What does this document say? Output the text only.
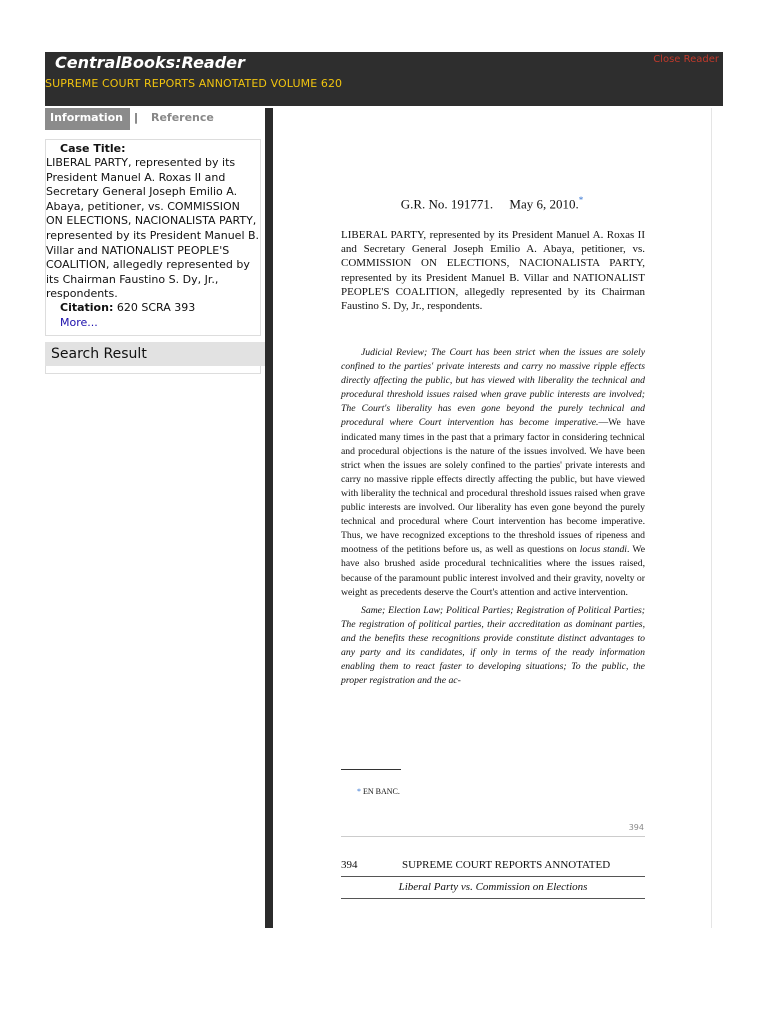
CentralBooks:Reader	Close Reader
SUPREME COURT REPORTS ANNOTATED VOLUME 620
Information	| Reference
Case Title:
LIBERAL PARTY, represented by its President Manuel A. Roxas II and Secretary General Joseph Emilio A. Abaya, petitioner, vs. COMMISSION ON ELECTIONS, NACIONALISTA PARTY, represented by its President Manuel B. Villar and NATIONALIST PEOPLE'S COALITION, allegedly represented by its Chairman Faustino S. Dy, Jr., respondents.
Citation: 620 SCRA 393
More...
Search Result
G.R. No. 191771.     May 6, 2010.*
LIBERAL PARTY, represented by its President Manuel A. Roxas II and Secretary General Joseph Emilio A. Abaya, petitioner, vs. COMMISSION ON ELECTIONS, NACIONALISTA PARTY, represented by its President Manuel B. Villar and NATIONALIST PEOPLE'S COALITION, allegedly represented by its Chairman Faustino S. Dy, Jr., respondents.

Judicial Review; The Court has been strict when the issues are solely confined to the parties' private interests and carry no massive ripple effects directly affecting the public, but has viewed with liberality the technical and procedural threshold issues raised when grave public interests are involved; The Court's liberality has even gone beyond the purely technical and procedural where Court intervention has become imperative.—We have indicated many times in the past that a primary factor in considering technical and procedural objections is the nature of the issues involved. We have been strict when the issues are solely confined to the parties' private interests and carry no massive ripple effects directly affecting the public, but have viewed with liberality the technical and procedural threshold issues raised when grave public interests are involved. Our liberality has even gone beyond the purely technical and procedural where Court intervention has become imperative. Thus, we have recognized exceptions to the threshold issues of ripeness and mootness of the petitions before us, as well as questions on locus standi. We have also brushed aside procedural technicalities where the issues raised, because of the paramount public interest involved and their gravity, novelty or weight as precedents deserve the Court's attention and active intervention.

Same; Election Law; Political Parties; Registration of Political Parties; The registration of political parties, their accreditation as dominant parties, and the benefits these recognitions provide constitute distinct advantages to any party and its candidates, if only in terms of the ready information enabling them to react faster to developing situations; To the public, the proper registration and the ac-

* EN BANC.
394
394	SUPREME COURT REPORTS ANNOTATED
Liberal Party vs. Commission on Elections
